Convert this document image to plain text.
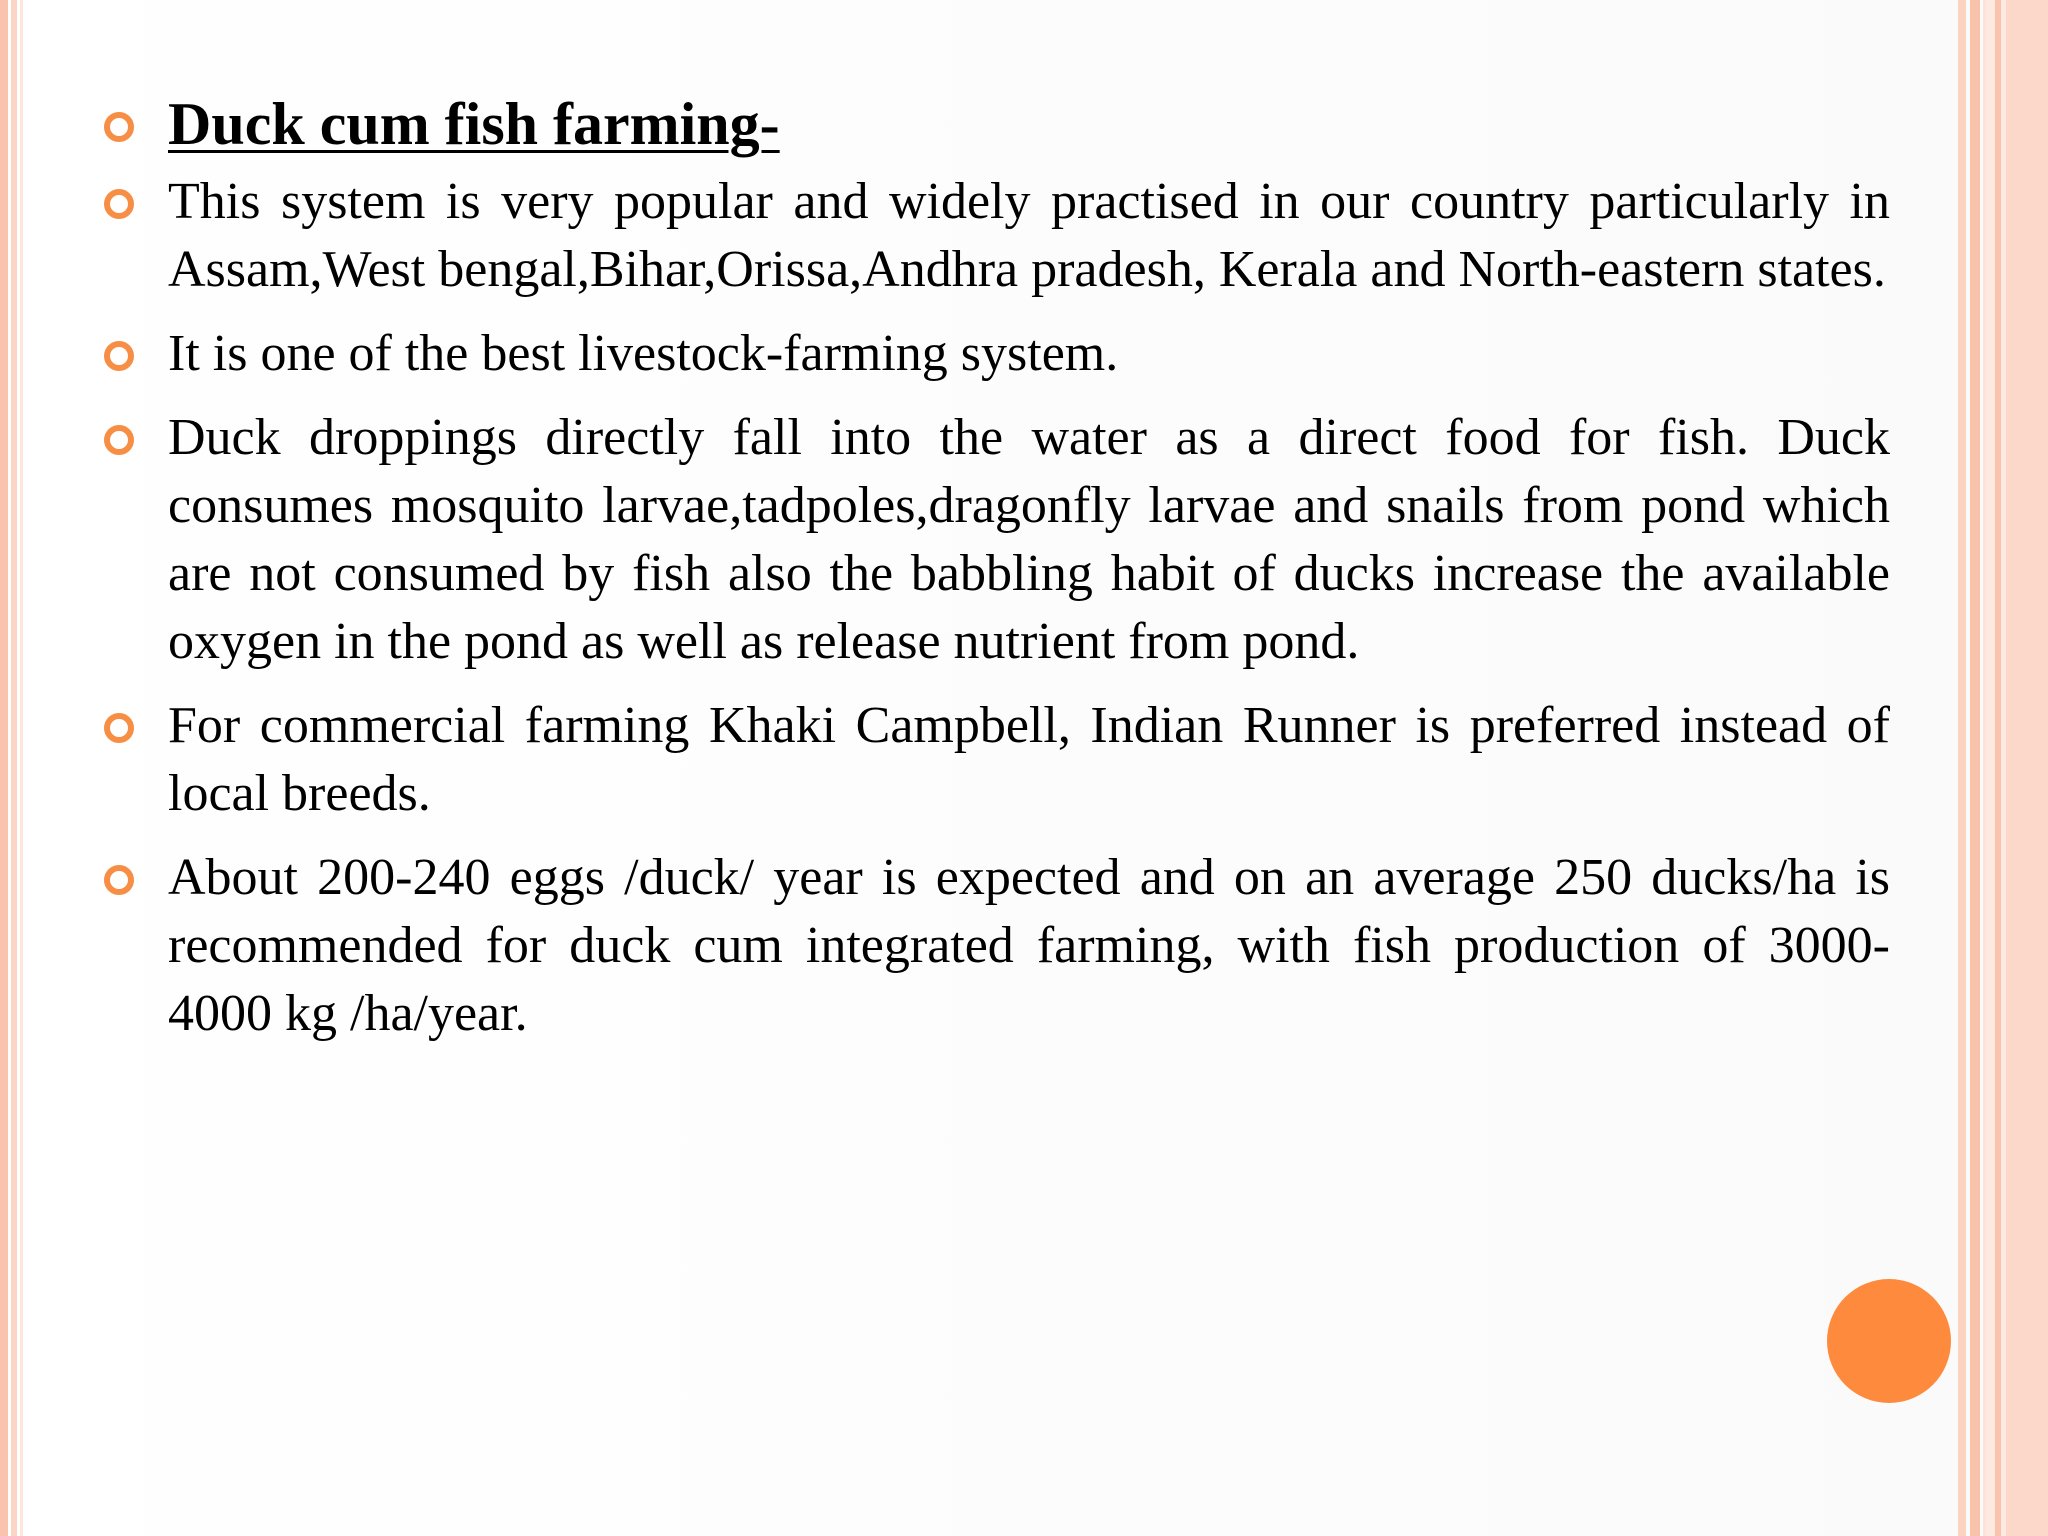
Duck cum fish farming-
This system is very popular and widely practised in our country particularly in Assam,West bengal,Bihar,Orissa,Andhra pradesh, Kerala and North-eastern states.
It is one of the best livestock-farming system.
Duck droppings directly fall into the water as a direct food for fish. Duck consumes mosquito larvae,tadpoles,dragonfly larvae and snails from pond which are not consumed by fish also the babbling habit of ducks increase the available oxygen in the pond as well as release nutrient from pond.
For commercial farming Khaki Campbell, Indian Runner is preferred instead of local breeds.
About 200-240 eggs /duck/ year is expected and on an average 250 ducks/ha is recommended for duck cum integrated farming, with fish production of 3000-4000 kg /ha/year.
